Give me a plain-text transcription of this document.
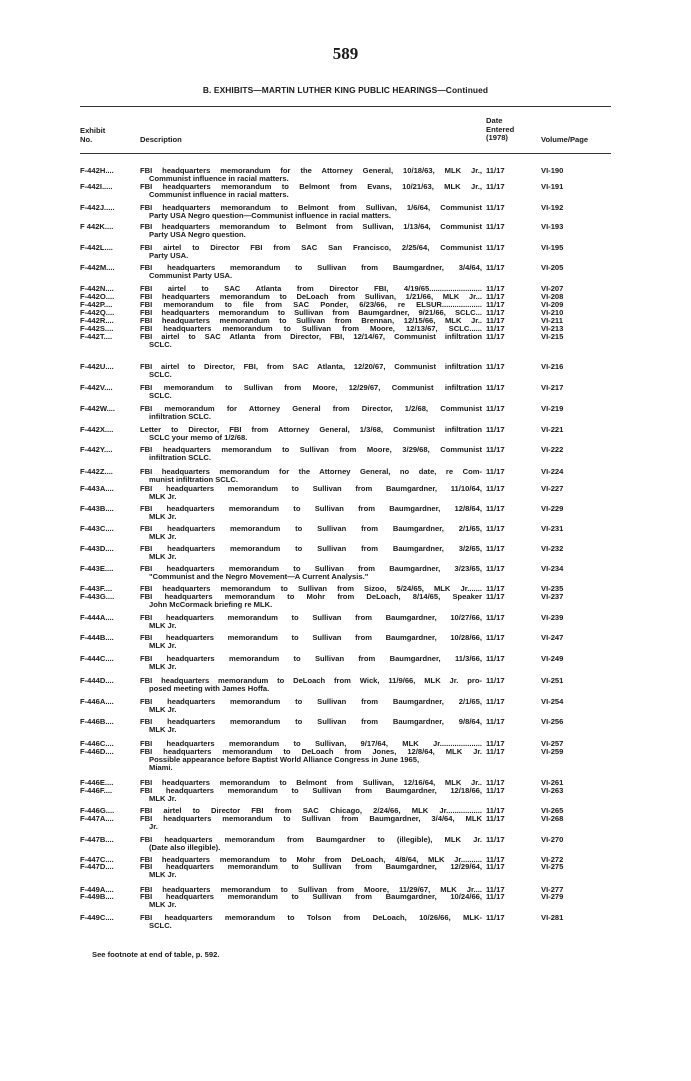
589
B. EXHIBITS—MARTIN LUTHER KING PUBLIC HEARINGS—Continued
Exhibit
No.	Description
Date
Entered
(1978)	Volume/Page
F-442H....	FBI headquarters memorandum for the Attorney General, 10/18/63, MLK Jr.,
Communist influence in racial matters.
11/17	VI-190
F-442I.....	FBI headquarters memorandum to Belmont from Evans, 10/21/63, MLK Jr.,
Communist influence in racial matters.
11/17	VI-191
F-442J.....	FBI headquarters memorandum to Belmont from Sullivan, 1/6/64, Communist
Party USA Negro question—Communist influence in racial matters.
11/17	VI-192
F 442K....	FBI headquarters memorandum to Belmont from Sullivan, 1/13/64, Communist
Party USA Negro question.
11/17	VI-193
F-442L....	FBI airtel to Director FBI from SAC San Francisco, 2/25/64, Communist
Party USA.
11/17	VI-195
F-442M....	FBI headquarters memorandum to Sullivan from Baumgardner, 3/4/64,
Communist Party USA.
11/17	VI-205
F-442N....	FBI airtel to SAC Atlanta from Director FBI, 4/19/65......................... 11/17	VI-207
F-442O....	FBI headquarters memorandum to DeLoach from Sullivan, 1/21/66, MLK Jr... 11/17	VI-208
F-442P....	FBI memorandum to file from SAC Ponder, 6/23/66, re ELSUR................... 11/17	VI-209
F-442Q....	FBI headquarters memorandum to Sullivan from Baumgardner, 9/21/66, SCLC... 11/17	VI-210
F-442R....	FBI headquarters memorandum to Sullivan from Brennan, 12/15/66, MLK Jr.. 11/17	VI-211
F-442S....	FBI headquarters memorandum to Sullivan from Moore, 12/13/67, SCLC...... 11/17	VI-213
F-442T....	FBI airtel to SAC Atlanta from Director, FBI, 12/14/67, Communist infiltration
SCLC.
11/17	VI-215
F-442U....	FBI airtel to Director, FBI, from SAC Atlanta, 12/20/67, Communist infiltration
SCLC.
11/17	VI-216
F-442V....	FBI memorandum to Sullivan from Moore, 12/29/67, Communist infiltration
SCLC.
11/17	VI-217
F-442W....	FBI memorandum for Attorney General from Director, 1/2/68, Communist
infiltration SCLC.
11/17	VI-219
F-442X....	Letter to Director, FBI from Attorney General, 1/3/68, Communist infiltration
SCLC your memo of 1/2/68.
11/17	VI-221
F-442Y....	FBI headquarters memorandum to Sullivan from Moore, 3/29/68, Communist
infiltration SCLC.
11/17	VI-222
F-442Z....	FBI headquarters memorandum for the Attorney General, no date, re Com-
munist infiltration SCLC.
11/17	VI-224
F-443A....	FBI headquarters memorandum to Sullivan from Baumgardner, 11/10/64,
MLK Jr.
11/17	VI-227
F-443B....	FBI headquarters memorandum to Sullivan from Baumgardner, 12/8/64,
MLK Jr.
11/17	VI-229
F-443C....	FBI headquarters memorandum to Sullivan from Baumgardner, 2/1/65,
MLK Jr.
11/17	VI-231
F-443D....	FBI headquarters memorandum to Sullivan from Baumgardner, 3/2/65,
MLK Jr.
11/17	VI-232
F-443E....	FBI headquarters memorandum to Sullivan from Baumgardner, 3/23/65,
"Communist and the Negro Movement—A Current Analysis."
11/17	VI-234
F-443F....	FBI headquarters memorandum to Sullivan from Sizoo, 5/24/65, MLK Jr....... 11/17	VI-235
F-443G....	FBI headquarters memorandum to Mohr from DeLoach, 8/14/65, Speaker
John McCormack briefing re MLK.
11/17	VI-237
F-444A....	FBI headquarters memorandum to Sullivan from Baumgardner, 10/27/66,
MLK Jr.
11/17	VI-239
F-444B....	FBI headquarters memorandum to Sullivan from Baumgardner, 10/28/66,
MLK Jr.
11/17	VI-247
F-444C....	FBI headquarters memorandum to Sullivan from Baumgardner, 11/3/66,
MLK Jr.
11/17	VI-249
F-444D....	FBI headquarters memorandum to DeLoach from Wick, 11/9/66, MLK Jr. pro-
posed meeting with James Hoffa.
11/17	VI-251
F-446A....	FBI headquarters memorandum to Sullivan from Baumgardner, 2/1/65,
MLK Jr.
11/17	VI-254
F-446B....	FBI headquarters memorandum to Sullivan from Baumgardner, 9/8/64,
MLK Jr.
11/17	VI-256
F-446C....	FBI headquarters memorandum to Sullivan, 9/17/64, MLK Jr.................... 11/17	VI-257
F-446D....	FBI headquarters memorandum to DeLoach from Jones, 12/8/64, MLK Jr.
Possible appearance before Baptist World Alliance Congress in June 1965,
Miami.
11/17	VI-259
F-446E....	FBI headquarters memorandum to Belmont from Sullivan, 12/16/64, MLK Jr.. 11/17	VI-261
F-446F....	FBI headquarters memorandum to Sullivan from Baumgardner, 12/18/66,
MLK Jr.
11/17	VI-263
F-446G....	FBI airtel to Director FBI from SAC Chicago, 2/24/66, MLK Jr................. 11/17	VI-265
F-447A....	FBI headquarters memorandum to Sullivan from Baumgardner, 3/4/64, MLK
Jr.
11/17	VI-268
F-447B....	FBI headquarters memorandum from Baumgardner to (illegible), MLK Jr.
(Date also illegible).
11/17	VI-270
F-447C....	FBI headquarters memorandum to Mohr from DeLoach, 4/8/64, MLK Jr.......... 11/17	VI-272
F-447D....	FBI headquarters memorandum to Sullivan from Baumgardner, 12/29/64,
MLK Jr.
11/17	VI-275
F-449A....	FBI headquarters memorandum to Sullivan from Moore, 11/29/67, MLK Jr.... 11/17	VI-277
F-449B....	FBI headquarters memorandum to Sullivan from Baumgardner, 10/24/66,
MLK Jr.
11/17	VI-279
F-449C....	FBI headquarters memorandum to Tolson from DeLoach, 10/26/66, MLK-
SCLC.
11/17	VI-281
See footnote at end of table, p. 592.
